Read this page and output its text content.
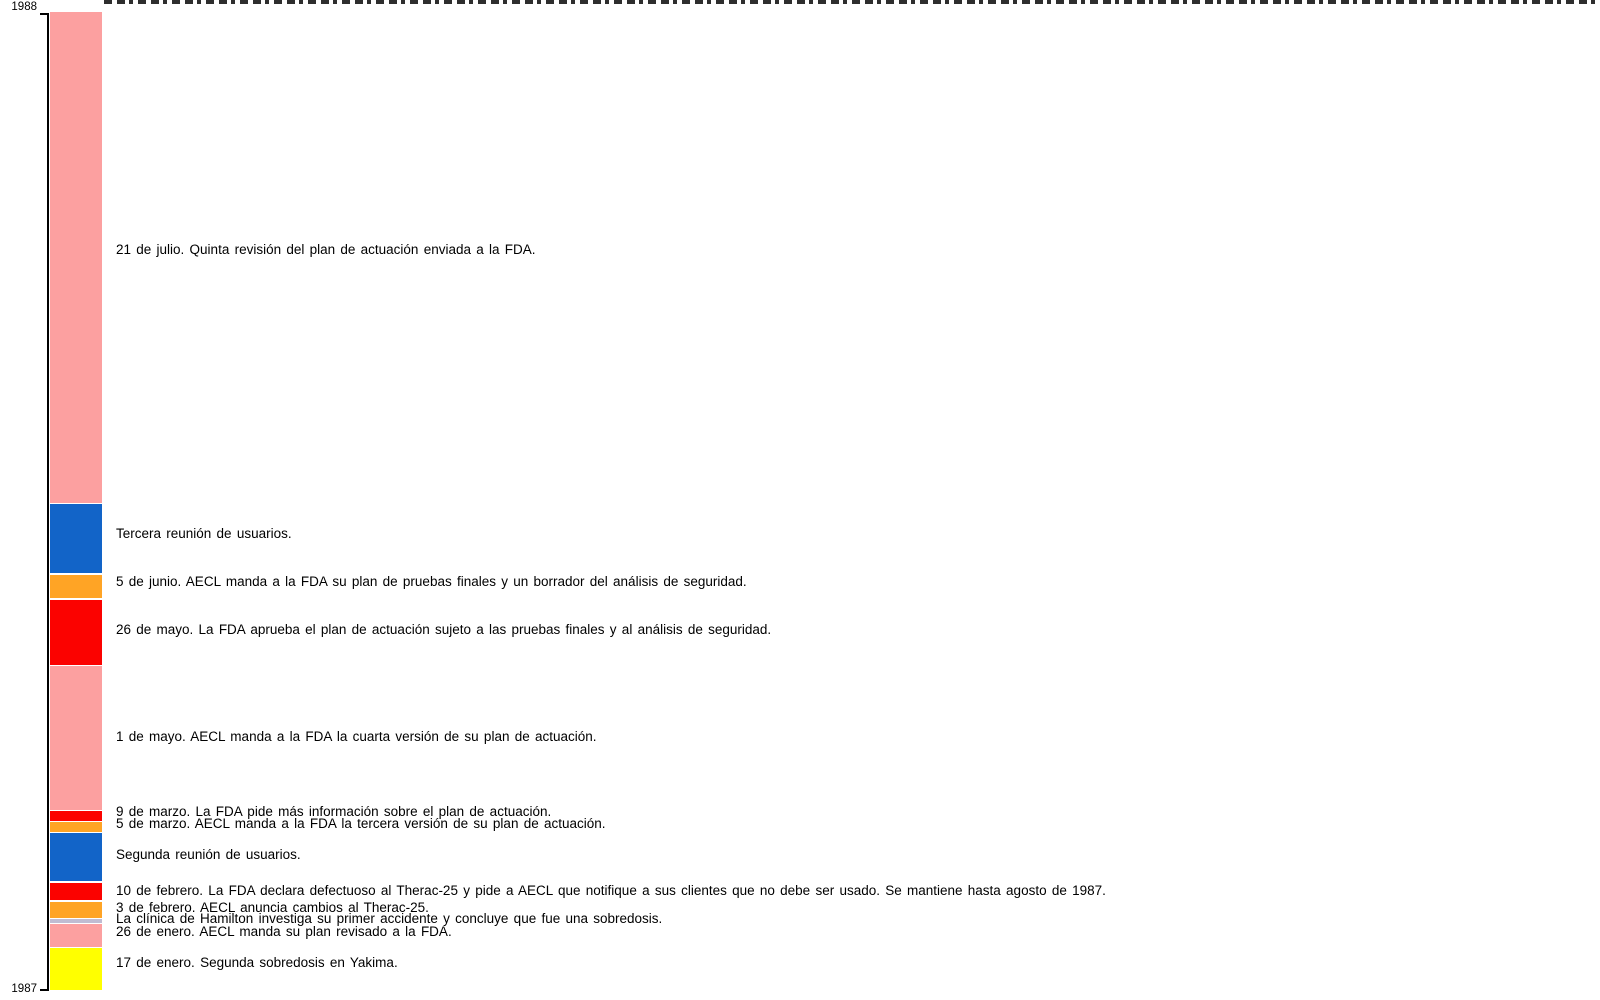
1988
1987
21 de julio. Quinta revisión del plan de actuación enviada a la FDA.
Tercera reunión de usuarios.
5 de junio. AECL manda a la FDA su plan de pruebas finales y un borrador del análisis de seguridad.
26 de mayo. La FDA aprueba el plan de actuación sujeto a las pruebas finales y al análisis de seguridad.
1 de mayo. AECL manda a la FDA la cuarta versión de su plan de actuación.
9 de marzo. La FDA pide más información sobre el plan de actuación.
5 de marzo. AECL manda a la FDA la tercera versión de su plan de actuación.
Segunda reunión de usuarios.
10 de febrero. La FDA declara defectuoso al Therac-25 y pide a AECL que notifique a sus clientes que no debe ser usado. Se mantiene hasta agosto de 1987.
3 de febrero. AECL anuncia cambios al Therac-25.
La clínica de Hamilton investiga su primer accidente y concluye que fue una sobredosis.
26 de enero. AECL manda su plan revisado a la FDA.
17 de enero. Segunda sobredosis en Yakima.
